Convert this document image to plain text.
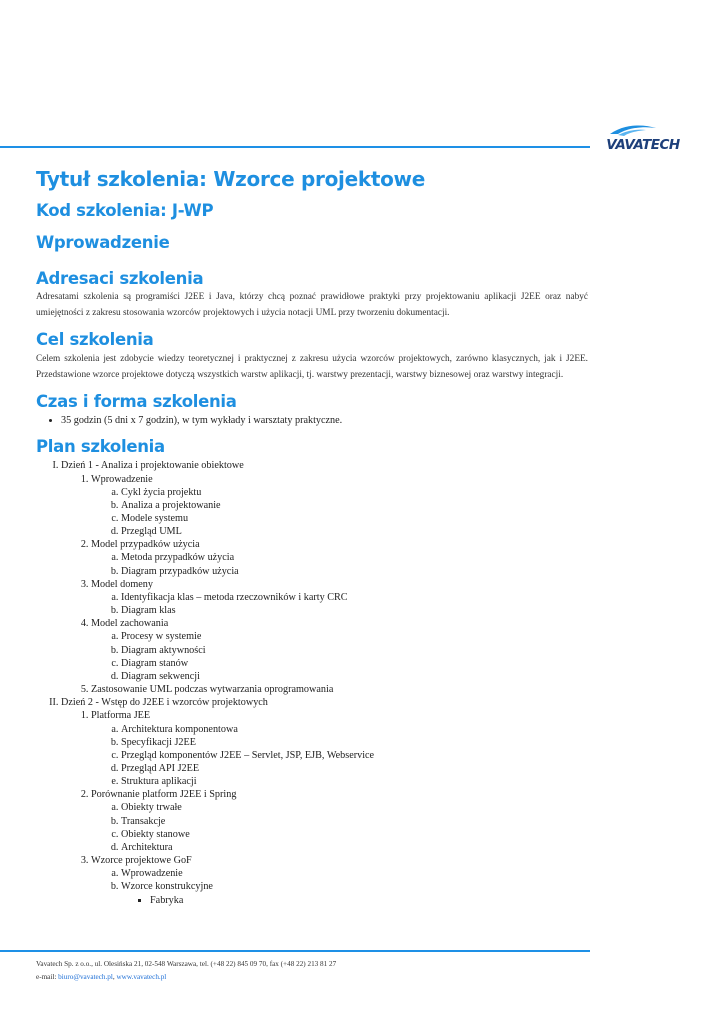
VAVATECH
Tytuł szkolenia: Wzorce projektowe
Kod szkolenia: J-WP
Wprowadzenie
Adresaci szkolenia

Adresatami szkolenia są programiści J2EE i Java, którzy chcą poznać prawidłowe praktyki przy projektowaniu aplikacji J2EE oraz nabyć umiejętności z zakresu stosowania wzorców projektowych i użycia notacji UML przy tworzeniu dokumentacji.

Cel szkolenia

Celem szkolenia jest zdobycie wiedzy teoretycznej i praktycznej z zakresu użycia wzorców projektowych, zarówno klasycznych, jak i J2EE. Przedstawione wzorce projektowe dotyczą wszystkich warstw aplikacji, tj. warstwy prezentacji, warstwy biznesowej oraz warstwy integracji.

Czas i forma szkolenia
• 35 godzin (5 dni x 7 godzin), w tym wykłady i warsztaty praktyczne.
Plan szkolenia
I. Dzień 1 - Analiza i projektowanie obiektowe
1. Wprowadzenie
a. Cykl życia projektu
b. Analiza a projektowanie
c. Modele systemu
d. Przegląd UML
2. Model przypadków użycia
a. Metoda przypadków użycia
b. Diagram przypadków użycia
3. Model domeny
a. Identyfikacja klas – metoda rzeczowników i karty CRC
b. Diagram klas
4. Model zachowania
a. Procesy w systemie
b. Diagram aktywności
c. Diagram stanów
d. Diagram sekwencji
5. Zastosowanie UML podczas wytwarzania oprogramowania
II. Dzień 2 - Wstęp do J2EE i wzorców projektowych
1. Platforma JEE
a. Architektura komponentowa
b. Specyfikacji J2EE
c. Przegląd komponentów J2EE – Servlet, JSP, EJB, Webservice
d. Przegląd API J2EE
e. Struktura aplikacji
2. Porównanie platform J2EE i Spring
a. Obiekty trwałe
b. Transakcje
c. Obiekty stanowe
d. Architektura
3. Wzorce projektowe GoF
a. Wprowadzenie
b. Wzorce konstrukcyjne
▪ Fabryka
Vavatech Sp. z o.o., ul. Olesińska 21, 02-548 Warszawa, tel. (+48 22) 845 09 70, fax (+48 22) 213 81 27
e-mail: biuro@vavatech.pl, www.vavatech.pl
